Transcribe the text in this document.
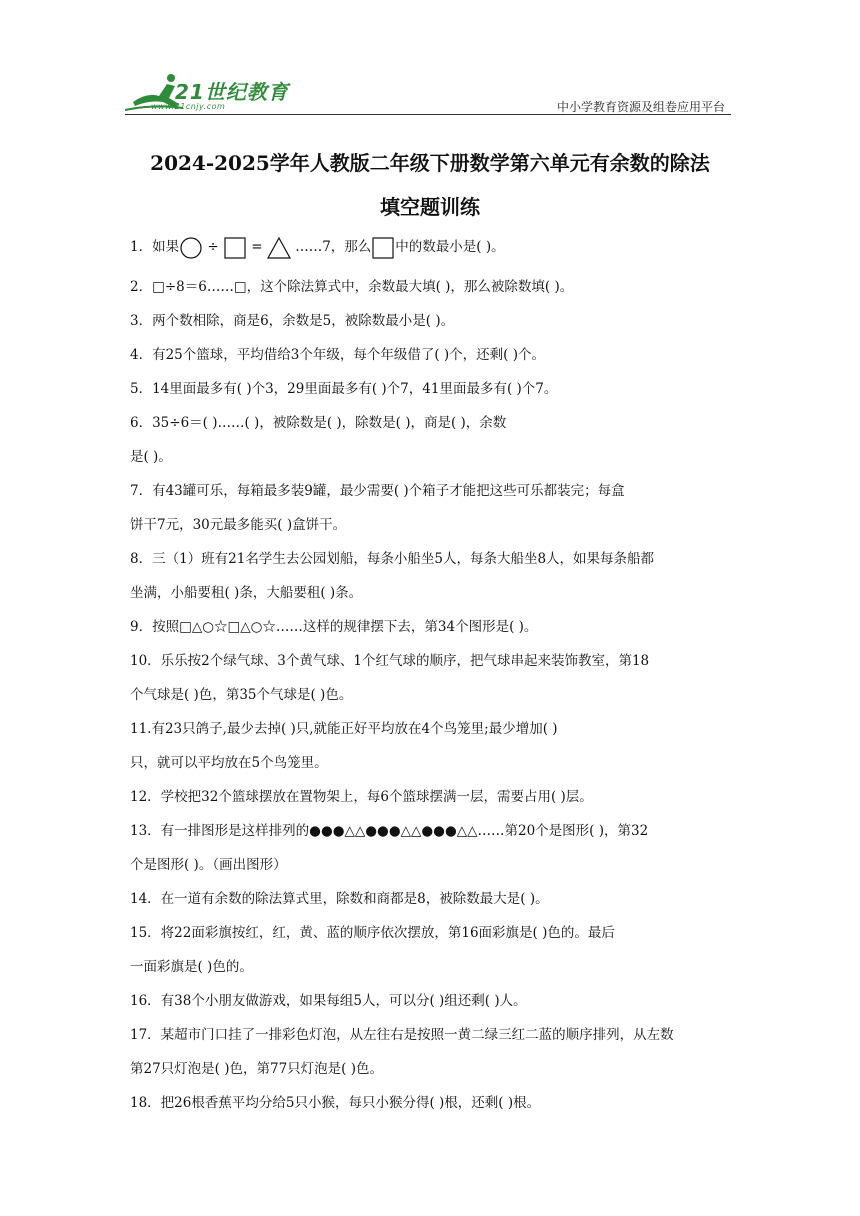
21世纪教育
www.21cnjy.com	中小学教育资源及组卷应用平台
2024-2025学年人教版二年级下册数学第六单元有余数的除法
填空题训练
1．如果 ÷ = ……7，那么 中的数最小是( )。
2．□÷8＝6……□，这个除法算式中，余数最大填( )，那么被除数填( )。
3．两个数相除，商是6，余数是5，被除数最小是( )。
4．有25个篮球，平均借给3个年级，每个年级借了( )个，还剩( )个。
5．14里面最多有( )个3，29里面最多有( )个7，41里面最多有( )个7。
6．35÷6＝( )……( )，被除数是( )，除数是( )，商是( )，余数
是( )。
7．有43罐可乐，每箱最多装9罐，最少需要( )个箱子才能把这些可乐都装完；每盒
饼干7元，30元最多能买( )盒饼干。
8．三（1）班有21名学生去公园划船，每条小船坐5人，每条大船坐8人，如果每条船都
坐满，小船要租( )条，大船要租( )条。
9．按照□△○☆□△○☆……这样的规律摆下去，第34个图形是( )。
10．乐乐按2个绿气球、3个黄气球、1个红气球的顺序，把气球串起来装饰教室，第18
个气球是( )色，第35个气球是( )色。
11.有23只鸽子,最少去掉( )只,就能正好平均放在4个鸟笼里;最少增加( )
只，就可以平均放在5个鸟笼里。
12．学校把32个篮球摆放在置物架上，每6个篮球摆满一层，需要占用( )层。
13．有一排图形是这样排列的●●●△△●●●△△●●●△△……第20个是图形( )，第32
个是图形( )。（画出图形）
14．在一道有余数的除法算式里，除数和商都是8，被除数最大是( )。
15．将22面彩旗按红，红，黄、蓝的顺序依次摆放，第16面彩旗是( )色的。最后
一面彩旗是( )色的。
16．有38个小朋友做游戏，如果每组5人，可以分( )组还剩( )人。
17．某超市门口挂了一排彩色灯泡，从左往右是按照一黄二绿三红二蓝的顺序排列，从左数
第27只灯泡是( )色，第77只灯泡是( )色。
18．把26根香蕉平均分给5只小猴，每只小猴分得( )根，还剩( )根。
